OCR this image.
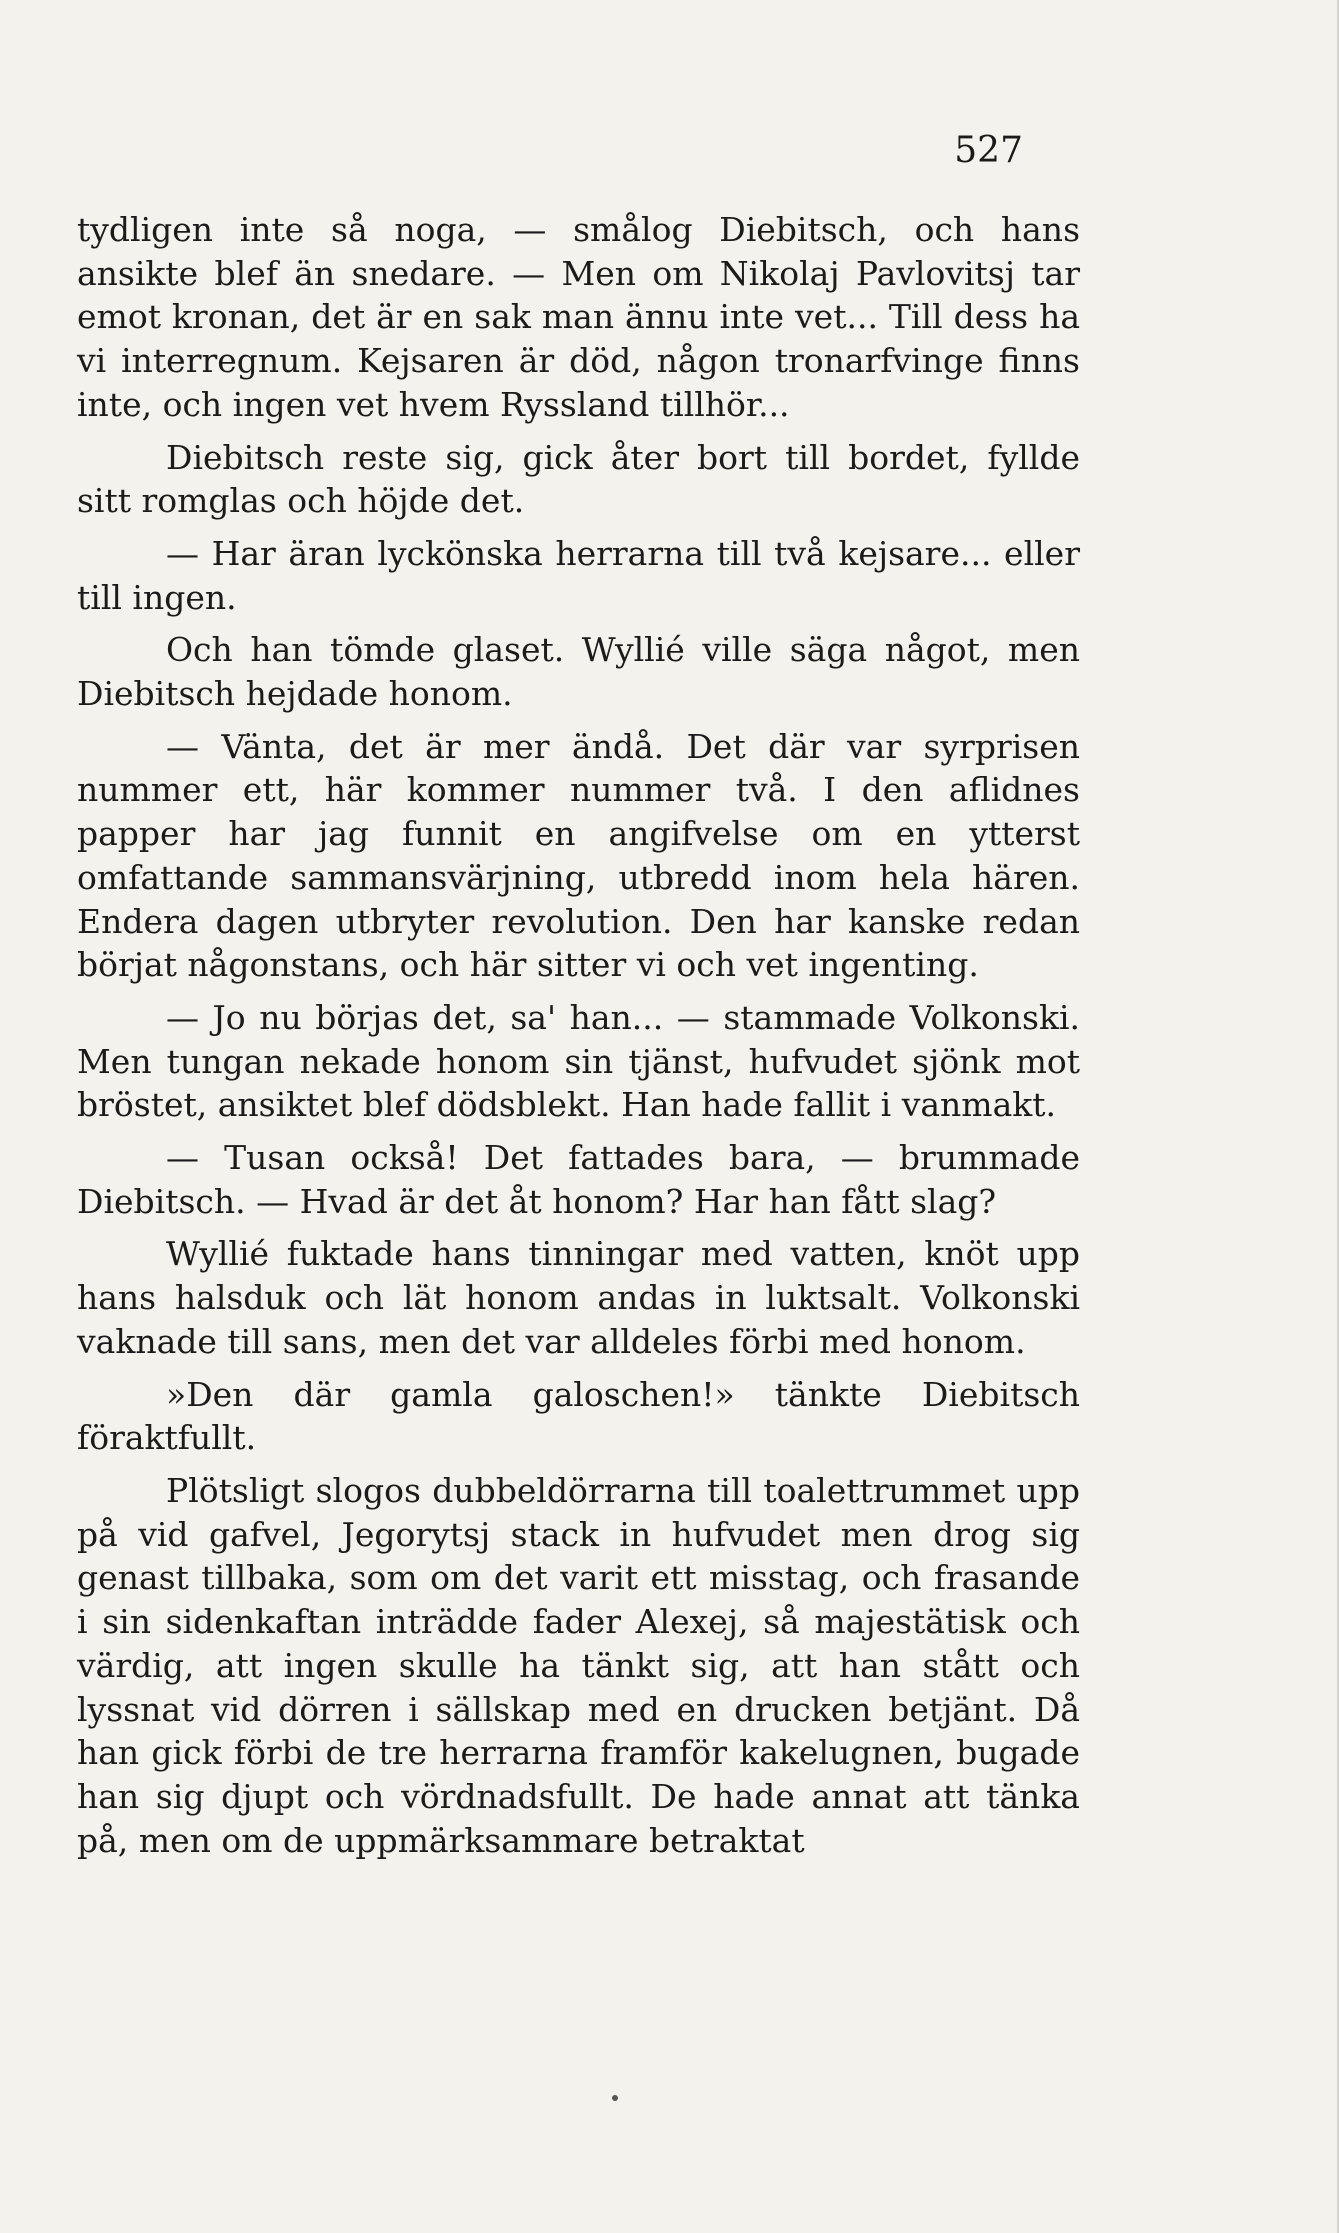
527

tydligen inte så noga, — smålog Diebitsch, och hans ansikte blef än snedare. — Men om Nikolaj Pavlovitsj tar emot kronan, det är en sak man ännu inte vet... Till dess ha vi interregnum. Kejsaren är död, någon tronarfvinge finns inte, och ingen vet hvem Ryssland tillhör...

Diebitsch reste sig, gick åter bort till bordet, fyllde sitt romglas och höjde det.

— Har äran lyckönska herrarna till två kejsare... eller till ingen.

Och han tömde glaset. Wyllié ville säga något, men Diebitsch hejdade honom.

— Vänta, det är mer ändå. Det där var syrprisen nummer ett, här kommer nummer två. I den aflidnes papper har jag funnit en angifvelse om en ytterst omfattande sammansvärjning, utbredd inom hela hären. Endera dagen utbryter revolution. Den har kanske redan börjat någonstans, och här sitter vi och vet ingenting.

— Jo nu börjas det, sa' han... — stammade Volkonski. Men tungan nekade honom sin tjänst, hufvudet sjönk mot bröstet, ansiktet blef dödsblekt. Han hade fallit i vanmakt.

— Tusan också! Det fattades bara, — brummade Diebitsch. — Hvad är det åt honom? Har han fått slag?

Wyllié fuktade hans tinningar med vatten, knöt upp hans halsduk och lät honom andas in luktsalt. Volkonski vaknade till sans, men det var alldeles förbi med honom.

»Den där gamla galoschen!» tänkte Diebitsch föraktfullt.

Plötsligt slogos dubbeldörrarna till toalettrummet upp på vid gafvel, Jegorytsj stack in hufvudet men drog sig genast tillbaka, som om det varit ett misstag, och frasande i sin sidenkaftan inträdde fader Alexej, så majestätisk och värdig, att ingen skulle ha tänkt sig, att han stått och lyssnat vid dörren i sällskap med en drucken betjänt. Då han gick förbi de tre herrarna framför kakelugnen, bugade han sig djupt och vördnadsfullt. De hade annat att tänka på, men om de uppmärksammare betraktat
